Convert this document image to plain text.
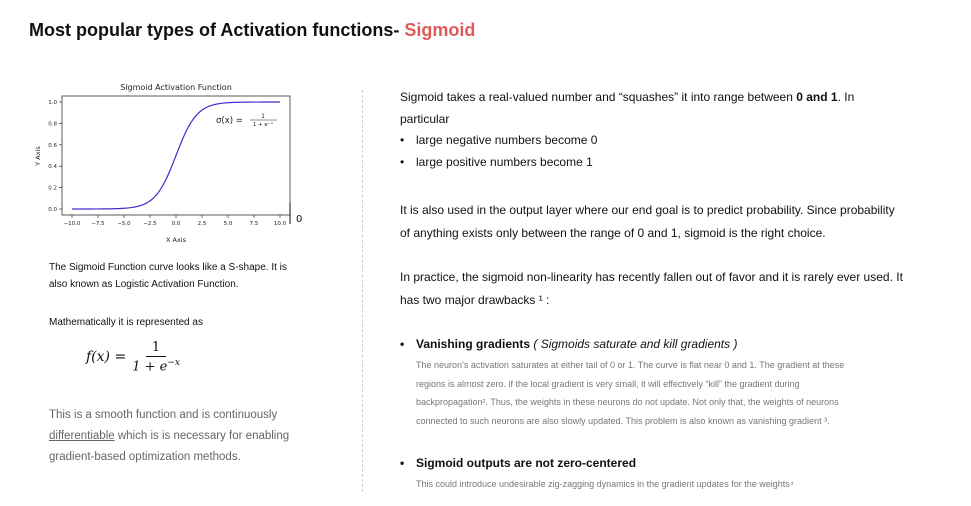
Most popular types of Activation functions- Sigmoid
Sigmoid Activation Function
0.0
0.2
0.4
0.6
0.8
1.0
−10.0 −7.5 −5.0 −2.5	0.0	2.5	5.0	7.5	10.0
X Axis
Y Axis
σ(x) =	1
1 + e⁻ˣ
0
The Sigmoid Function curve looks like a S-shape. It is
also known as Logistic Activation Function.
Mathematically it is represented as
$f(x) = \frac{1}{1 + e^{-x}}$
This is a smooth function and is continuously
differentiable which is is necessary for enabling
gradient-based optimization methods.
Sigmoid takes a real-valued number and “squashes” it into range between 0 and 1. In
particular
• large negative numbers become 0
• large positive numbers become 1
It is also used in the output layer where our end goal is to predict probability. Since probability
of anything exists only between the range of 0 and 1, sigmoid is the right choice.
In practice, the sigmoid non-linearity has recently fallen out of favor and it is rarely ever used. It
has two major drawbacks ¹ :
• Vanishing gradients ( Sigmoids saturate and kill gradients )
The neuron’s activation saturates at either tail of 0 or 1. The curve is flat near 0 and 1. The gradient at these
regions is almost zero. if the local gradient is very small, it will effectively “kill” the gradient during
backpropagation². Thus, the weights in these neurons do not update. Not only that, the weights of neurons
connected to such neurons are also slowly updated. This problem is also known as vanishing gradient ³.
• Sigmoid outputs are not zero-centered
This could introduce undesirable zig-zagging dynamics in the gradient updates for the weights⁴
